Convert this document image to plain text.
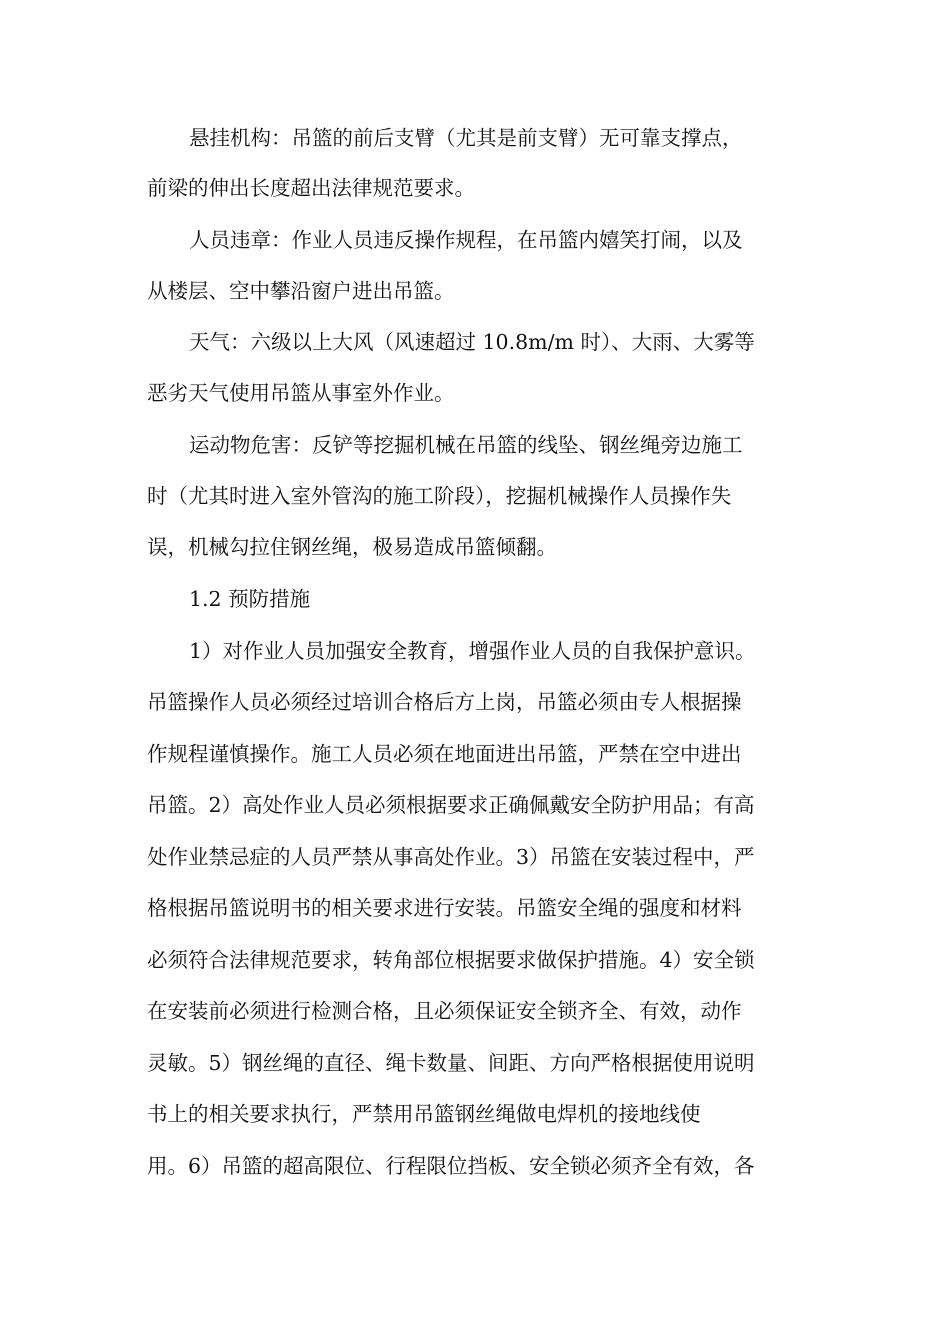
悬挂机构：吊篮的前后支臂（尤其是前支臂）无可靠支撑点，
前梁的伸出长度超出法律规范要求。
人员违章：作业人员违反操作规程，在吊篮内嬉笑打闹，以及
从楼层、空中攀沿窗户进出吊篮。
天气：六级以上大风（风速超过 10.8m/m 时）、大雨、大雾等
恶劣天气使用吊篮从事室外作业。
运动物危害：反铲等挖掘机械在吊篮的线坠、钢丝绳旁边施工
时（尤其时进入室外管沟的施工阶段），挖掘机械操作人员操作失
误，机械勾拉住钢丝绳，极易造成吊篮倾翻。
1.2 预防措施
1）对作业人员加强安全教育，增强作业人员的自我保护意识。
吊篮操作人员必须经过培训合格后方上岗，吊篮必须由专人根据操
作规程谨慎操作。施工人员必须在地面进出吊篮，严禁在空中进出
吊篮。2）高处作业人员必须根据要求正确佩戴安全防护用品；有高
处作业禁忌症的人员严禁从事高处作业。3）吊篮在安装过程中，严
格根据吊篮说明书的相关要求进行安装。吊篮安全绳的强度和材料
必须符合法律规范要求，转角部位根据要求做保护措施。4）安全锁
在安装前必须进行检测合格，且必须保证安全锁齐全、有效，动作
灵敏。5）钢丝绳的直径、绳卡数量、间距、方向严格根据使用说明
书上的相关要求执行，严禁用吊篮钢丝绳做电焊机的接地线使
用。6）吊篮的超高限位、行程限位挡板、安全锁必须齐全有效，各
